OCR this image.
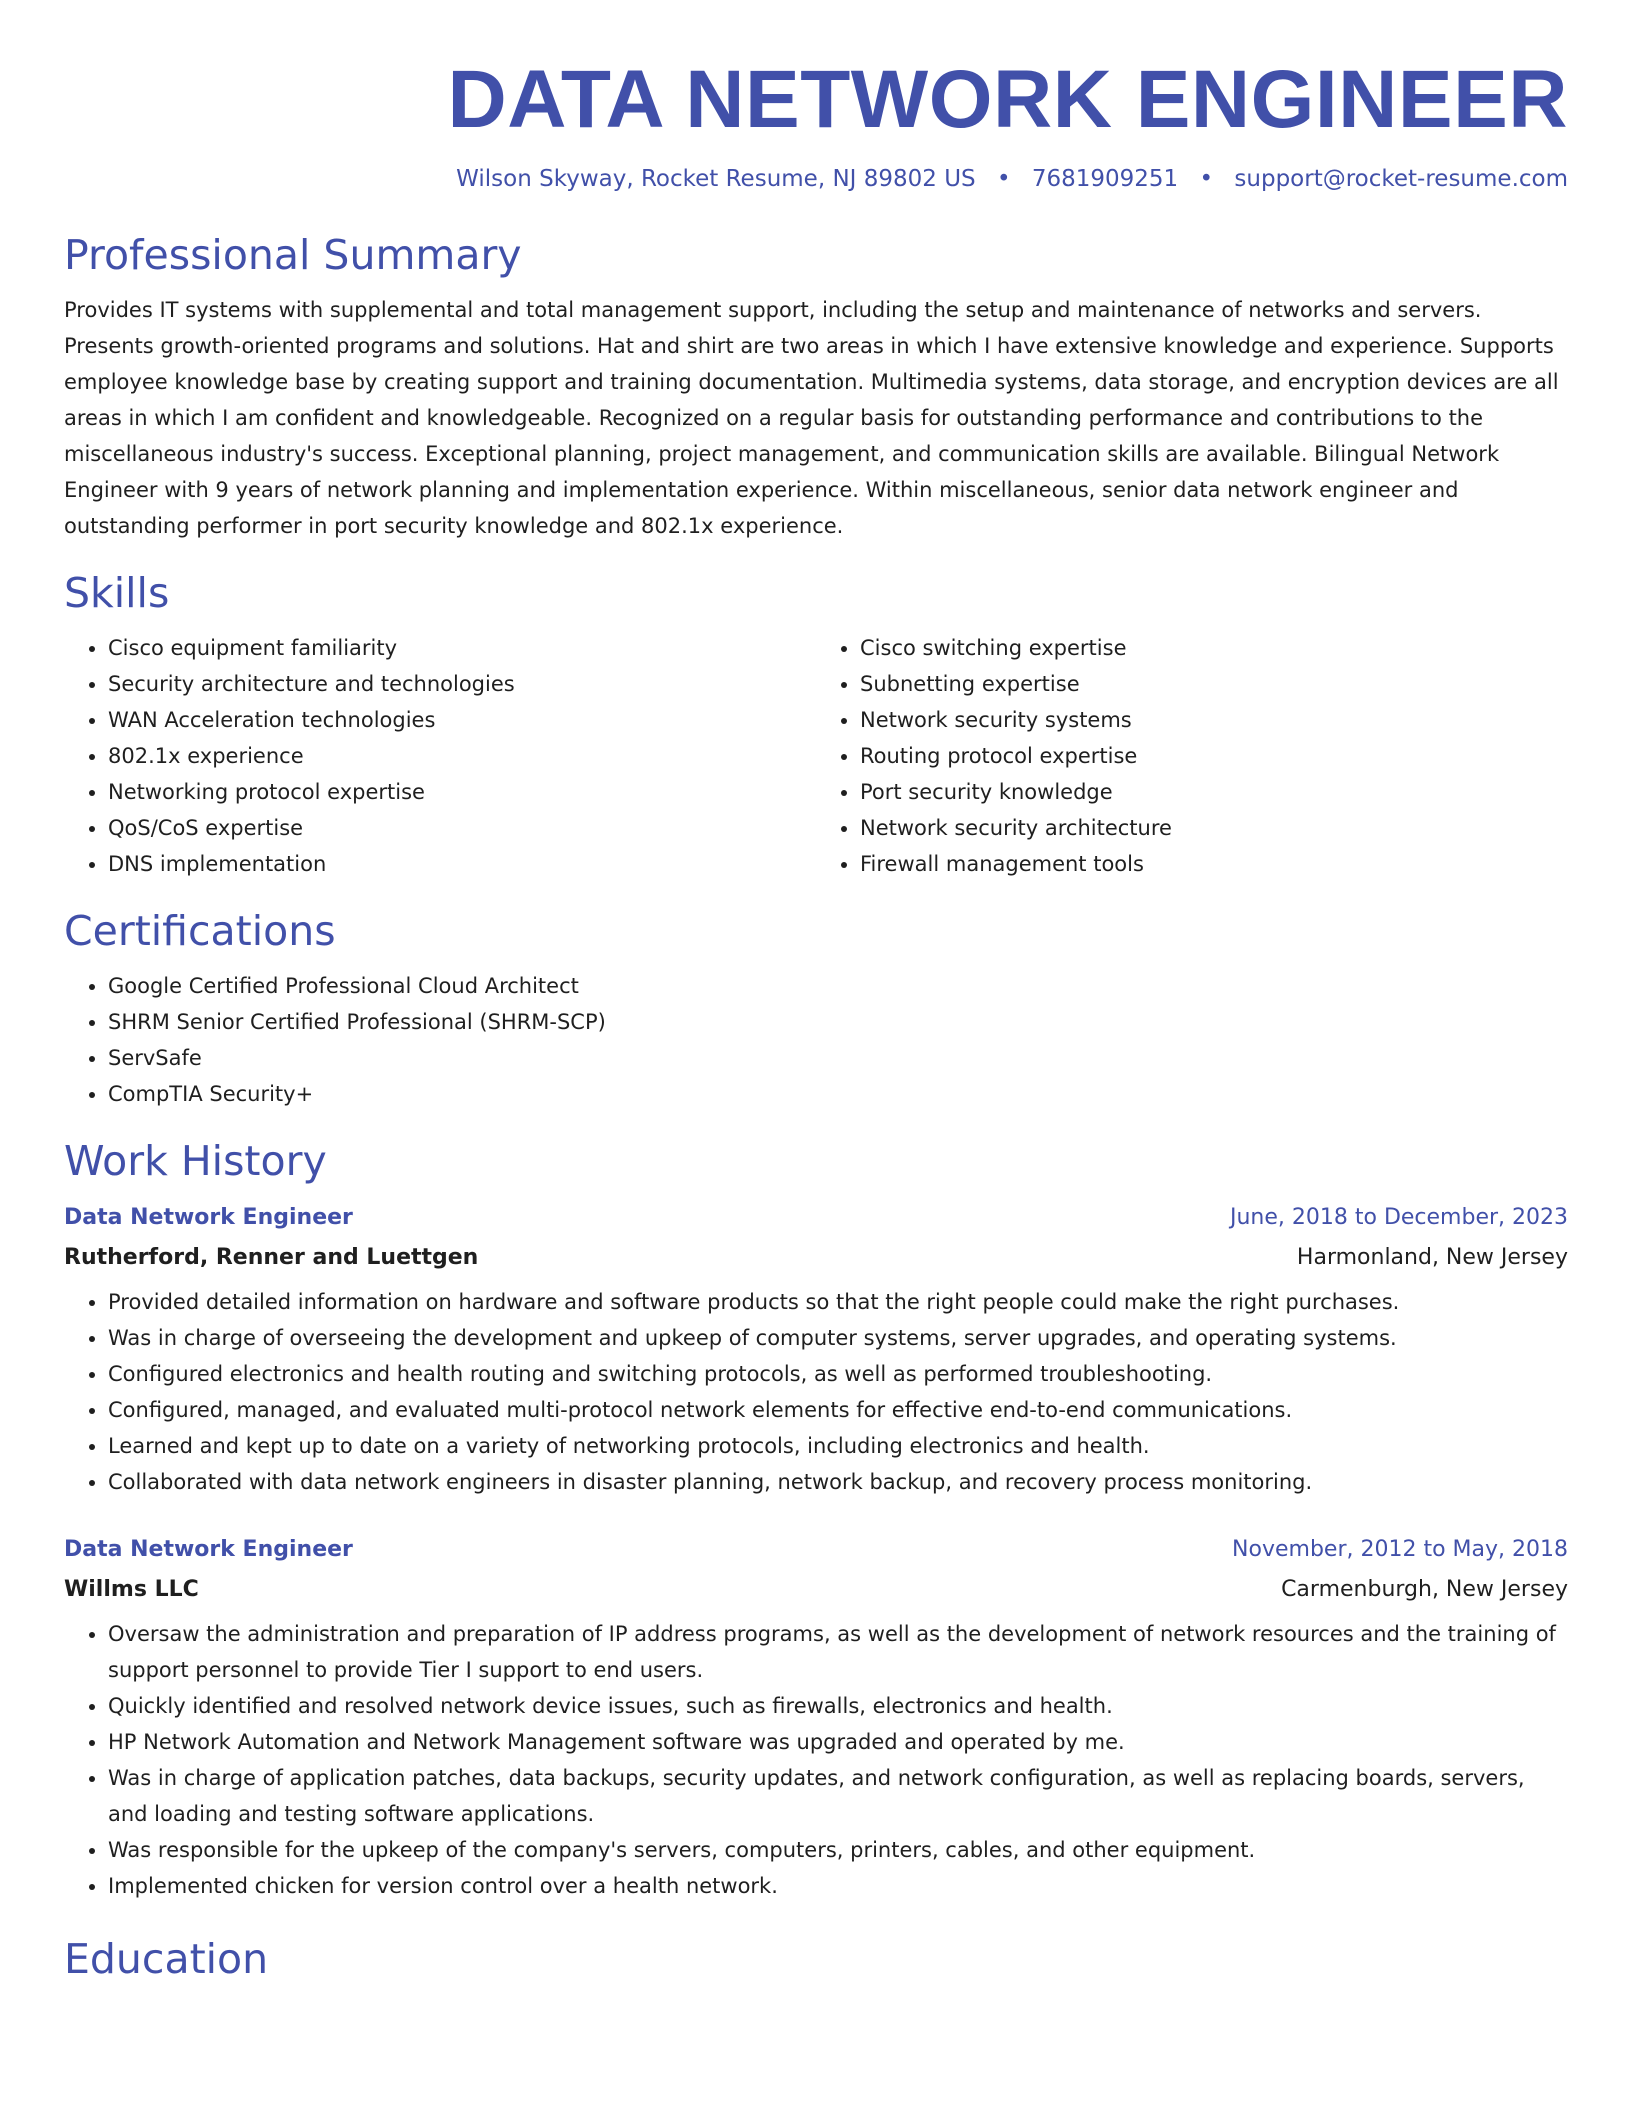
DATA NETWORK ENGINEER
Wilson Skyway, Rocket Resume, NJ 89802 US • 7681909251 • support@rocket-resume.com
Professional Summary

Provides IT systems with supplemental and total management support, including the setup and maintenance of networks and servers. Presents growth-oriented programs and solutions. Hat and shirt are two areas in which I have extensive knowledge and experience. Supports employee knowledge base by creating support and training documentation. Multimedia systems, data storage, and encryption devices are all areas in which I am confident and knowledgeable. Recognized on a regular basis for outstanding performance and contributions to the miscellaneous industry's success. Exceptional planning, project management, and communication skills are available. Bilingual Network Engineer with 9 years of network planning and implementation experience. Within miscellaneous, senior data network engineer and outstanding performer in port security knowledge and 802.1x experience.

Skills
• Cisco equipment familiarity
• Security architecture and technologies
• WAN Acceleration technologies
• 802.1x experience
• Networking protocol expertise
• QoS/CoS expertise
• DNS implementation
• Cisco switching expertise
• Subnetting expertise
• Network security systems
• Routing protocol expertise
• Port security knowledge
• Network security architecture
• Firewall management tools
Certifications
• Google Certified Professional Cloud Architect
• SHRM Senior Certified Professional (SHRM-SCP)
• ServSafe
• CompTIA Security+
Work History
Data Network Engineer	June, 2018 to December, 2023
Rutherford, Renner and Luettgen	Harmonland, New Jersey
• Provided detailed information on hardware and software products so that the right people could make the right purchases.
• Was in charge of overseeing the development and upkeep of computer systems, server upgrades, and operating systems.
• Configured electronics and health routing and switching protocols, as well as performed troubleshooting.
• Configured, managed, and evaluated multi-protocol network elements for effective end-to-end communications.
• Learned and kept up to date on a variety of networking protocols, including electronics and health.
• Collaborated with data network engineers in disaster planning, network backup, and recovery process monitoring.
Data Network Engineer	November, 2012 to May, 2018
Willms LLC	Carmenburgh, New Jersey
• Oversaw the administration and preparation of IP address programs, as well as the development of network resources and the training of support personnel to provide Tier I support to end users.
• Quickly identified and resolved network device issues, such as firewalls, electronics and health.
• HP Network Automation and Network Management software was upgraded and operated by me.
• Was in charge of application patches, data backups, security updates, and network configuration, as well as replacing boards, servers, and loading and testing software applications.
• Was responsible for the upkeep of the company's servers, computers, printers, cables, and other equipment.
• Implemented chicken for version control over a health network.
Education
